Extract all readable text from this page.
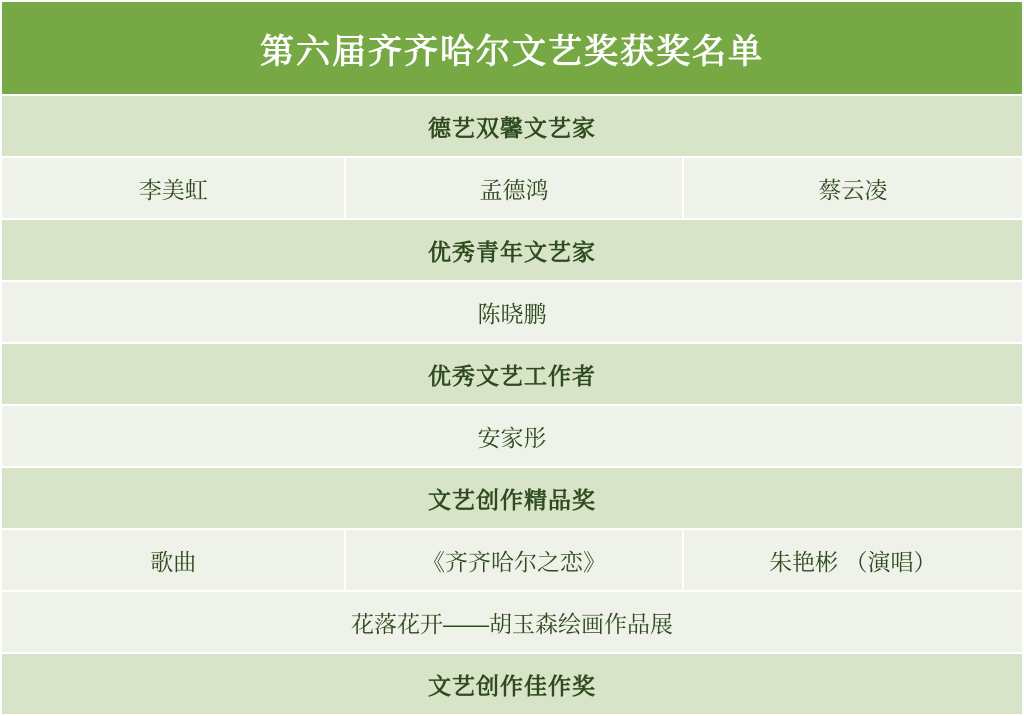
第六届齐齐哈尔文艺奖获奖名单		
德艺双馨文艺家		
李美虹	孟德鸿	蔡云凌
优秀青年文艺家		
陈晓鹏		
优秀文艺工作者		
安家彤		
文艺创作精品奖		
歌曲	《齐齐哈尔之恋》	朱艳彬 （演唱）
花落花开——胡玉森绘画作品展		
文艺创作佳作奖		
